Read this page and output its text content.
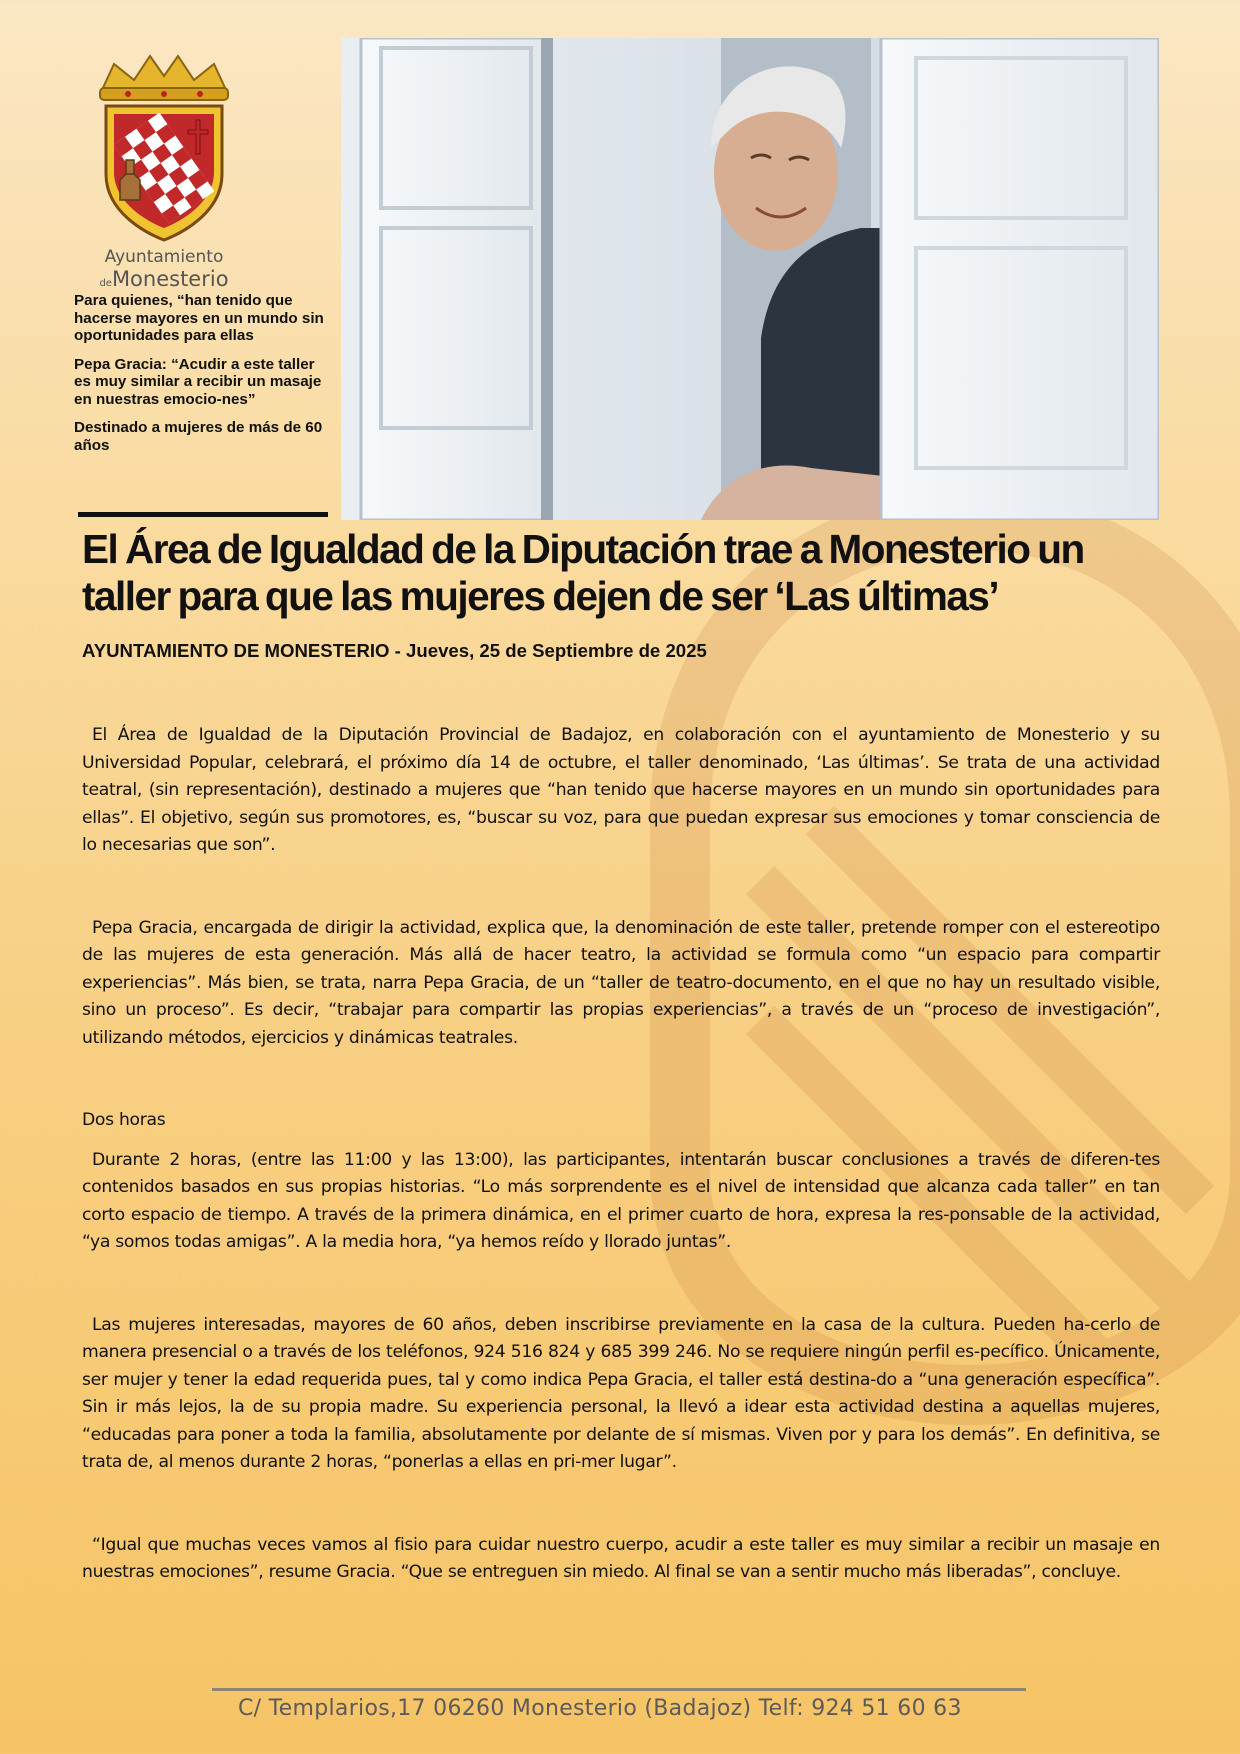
Ayuntamiento
deMonesterio

Para quienes, “han tenido que hacerse mayores en un mundo sin oportunidades para ellas

Pepa Gracia: “Acudir a este taller es muy similar a recibir un masaje en nuestras emocio-nes”

Destinado a mujeres de más de 60 años

El Área de Igualdad de la Diputación trae a Monesterio un taller para que las mujeres dejen de ser ‘Las últimas’
AYUNTAMIENTO DE MONESTERIO - Jueves, 25 de Septiembre de 2025

El Área de Igualdad de la Diputación Provincial de Badajoz, en colaboración con el ayuntamiento de Monesterio y su Universidad Popular, celebrará, el próximo día 14 de octubre, el taller denominado, ‘Las últimas’. Se trata de una actividad teatral, (sin representación), destinado a mujeres que “han tenido que hacerse mayores en un mundo sin oportunidades para ellas”. El objetivo, según sus promotores, es, “buscar su voz, para que puedan expresar sus emociones y tomar consciencia de lo necesarias que son”.

Pepa Gracia, encargada de dirigir la actividad, explica que, la denominación de este taller, pretende romper con el estereotipo de las mujeres de esta generación. Más allá de hacer teatro, la actividad se formula como “un espacio para compartir experiencias”. Más bien, se trata, narra Pepa Gracia, de un “taller de teatro-documento, en el que no hay un resultado visible, sino un proceso”. Es decir, “trabajar para compartir las propias experiencias”, a través de un “proceso de investigación”, utilizando métodos, ejercicios y dinámicas teatrales.

Dos horas

Durante 2 horas, (entre las 11:00 y las 13:00), las participantes, intentarán buscar conclusiones a través de diferen-tes contenidos basados en sus propias historias. “Lo más sorprendente es el nivel de intensidad que alcanza cada taller” en tan corto espacio de tiempo. A través de la primera dinámica, en el primer cuarto de hora, expresa la res-ponsable de la actividad, “ya somos todas amigas”. A la media hora, “ya hemos reído y llorado juntas”.

Las mujeres interesadas, mayores de 60 años, deben inscribirse previamente en la casa de la cultura. Pueden ha-cerlo de manera presencial o a través de los teléfonos, 924 516 824 y 685 399 246. No se requiere ningún perfil es-pecífico. Únicamente, ser mujer y tener la edad requerida pues, tal y como indica Pepa Gracia, el taller está destina-do a “una generación específica”. Sin ir más lejos, la de su propia madre. Su experiencia personal, la llevó a idear esta actividad destina a aquellas mujeres, “educadas para poner a toda la familia, absolutamente por delante de sí mismas. Viven por y para los demás”. En definitiva, se trata de, al menos durante 2 horas, “ponerlas a ellas en pri-mer lugar”.

“Igual que muchas veces vamos al fisio para cuidar nuestro cuerpo, acudir a este taller es muy similar a recibir un masaje en nuestras emociones”, resume Gracia. “Que se entreguen sin miedo. Al final se van a sentir mucho más liberadas”, concluye.

C/ Templarios,17 06260 Monesterio (Badajoz) Telf: 924 51 60 63
